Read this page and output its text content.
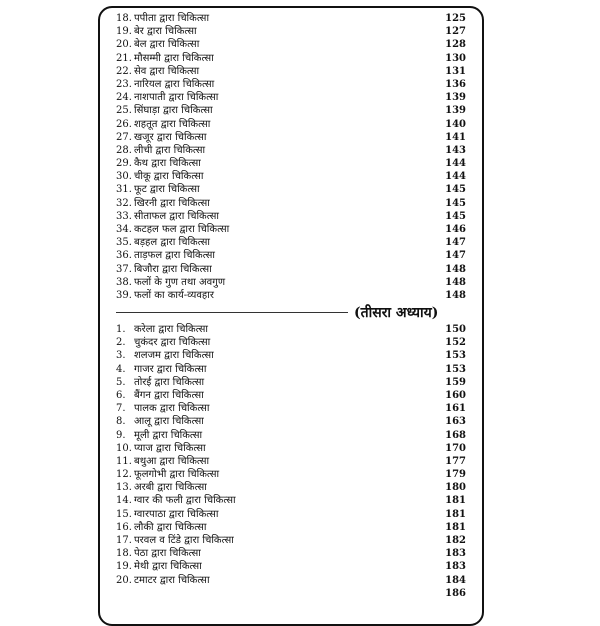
18. पपीता द्वारा चिकित्सा	125
19. बेर द्वारा चिकित्सा	127
20. बेल द्वारा चिकित्सा	128
21. मौसम्मी द्वारा चिकित्सा	130
22. सेव द्वारा चिकित्सा	131
23. नारियल द्वारा चिकित्सा	136
24. नाशपाती द्वारा चिकित्सा	139
25. सिंघाड़ा द्वारा चिकित्सा	139
26. शहतूत द्वारा चिकित्सा	140
27. खजूर द्वारा चिकित्सा	141
28. लीची द्वारा चिकित्सा	143
29. कैथ द्वारा चिकित्सा	144
30. चीकू द्वारा चिकित्सा	144
31. फूट द्वारा चिकित्सा	145
32. खिरनी द्वारा चिकित्सा	145
33. सीताफल द्वारा चिकित्सा	145
34. कटहल फल द्वारा चिकित्सा	146
35. बड़हल द्वारा चिकित्सा	147
36. ताड़फल द्वारा चिकित्सा	147
37. बिजौरा द्वारा चिकित्सा	148
38. फलों के गुण तथा अवगुण	148
39. फलों का कार्य-व्यवहार	148
(तीसरा अध्याय)
1. करेला द्वारा चिकित्सा	150
2. चुकंदर द्वारा चिकित्सा	152
3. शलजम द्वारा चिकित्सा	153
4. गाजर द्वारा चिकित्सा	153
5. तोरई द्वारा चिकित्सा	159
6. बैंगन द्वारा चिकित्सा	160
7. पालक द्वारा चिकित्सा	161
8. आलू द्वारा चिकित्सा	163
9. मूली द्वारा चिकित्सा	168
10. प्याज द्वारा चिकित्सा	170
11. बथुआ द्वारा चिकित्सा	177
12. फूलगोभी द्वारा चिकित्सा	179
13. अरबी द्वारा चिकित्सा	180
14. ग्वार की फली द्वारा चिकित्सा	181
15. ग्वारपाठा द्वारा चिकित्सा	181
16. लौकी द्वारा चिकित्सा	181
17. परवल व टिंडे द्वारा चिकित्सा	182
18. पेठा द्वारा चिकित्सा	183
19. मेथी द्वारा चिकित्सा	183
20. टमाटर द्वारा चिकित्सा	184
186
